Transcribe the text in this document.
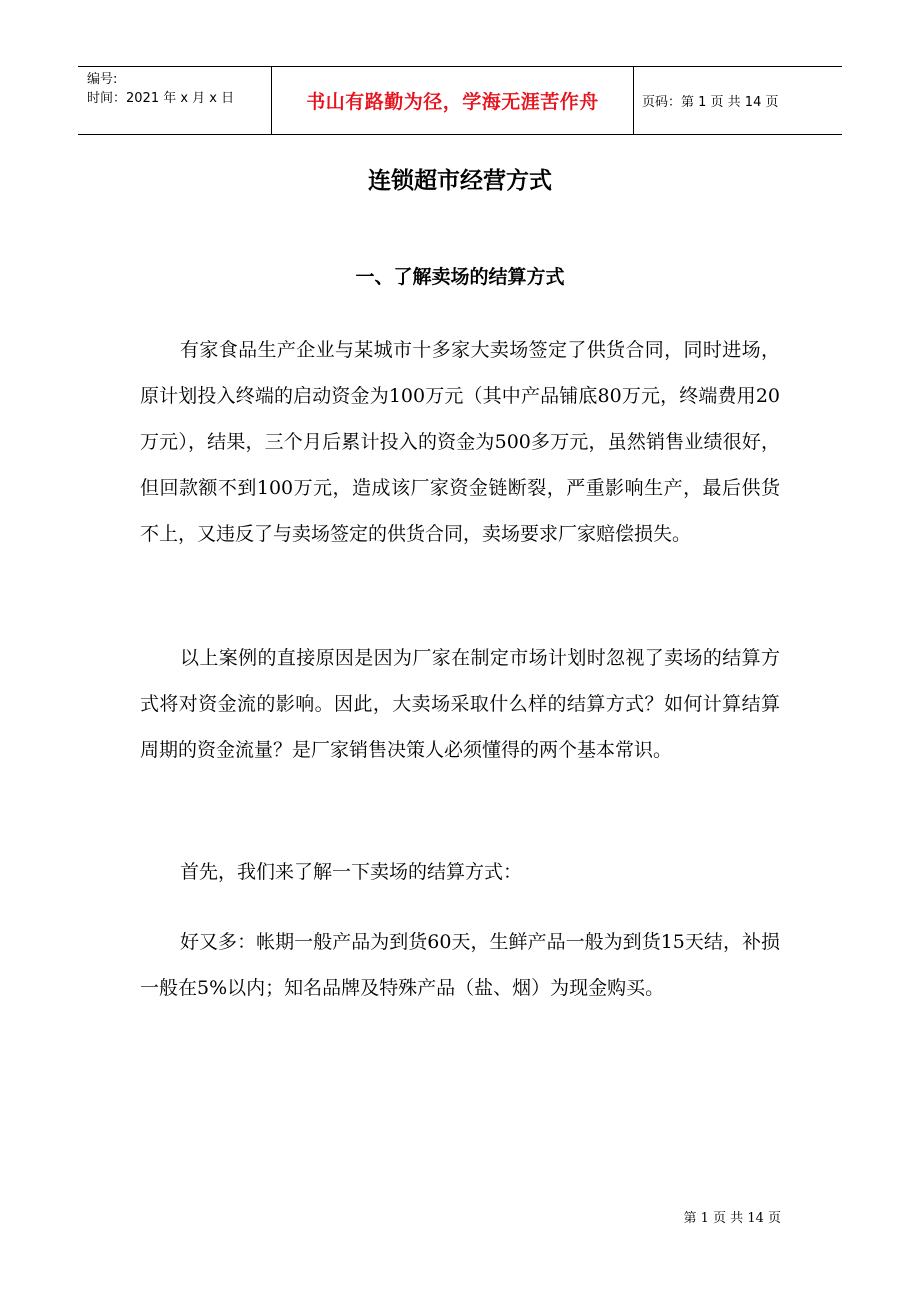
编号:
时间：2021 年 x 月 x 日	书山有路勤为径，学海无涯苦作舟	页码：第 1 页 共 14 页
连锁超市经营方式
一、了解卖场的结算方式

有家食品生产企业与某城市十多家大卖场签定了供货合同，同时进场，原计划投入终端的启动资金为100万元（其中产品铺底80万元，终端费用20万元），结果，三个月后累计投入的资金为500多万元，虽然销售业绩很好，但回款额不到100万元，造成该厂家资金链断裂，严重影响生产，最后供货不上，又违反了与卖场签定的供货合同，卖场要求厂家赔偿损失。

以上案例的直接原因是因为厂家在制定市场计划时忽视了卖场的结算方式将对资金流的影响。因此，大卖场采取什么样的结算方式？如何计算结算周期的资金流量？是厂家销售决策人必须懂得的两个基本常识。

首先，我们来了解一下卖场的结算方式：

好又多：帐期一般产品为到货60天，生鲜产品一般为到货15天结，补损一般在5%以内；知名品牌及特殊产品（盐、烟）为现金购买。

第 1 页 共 14 页
